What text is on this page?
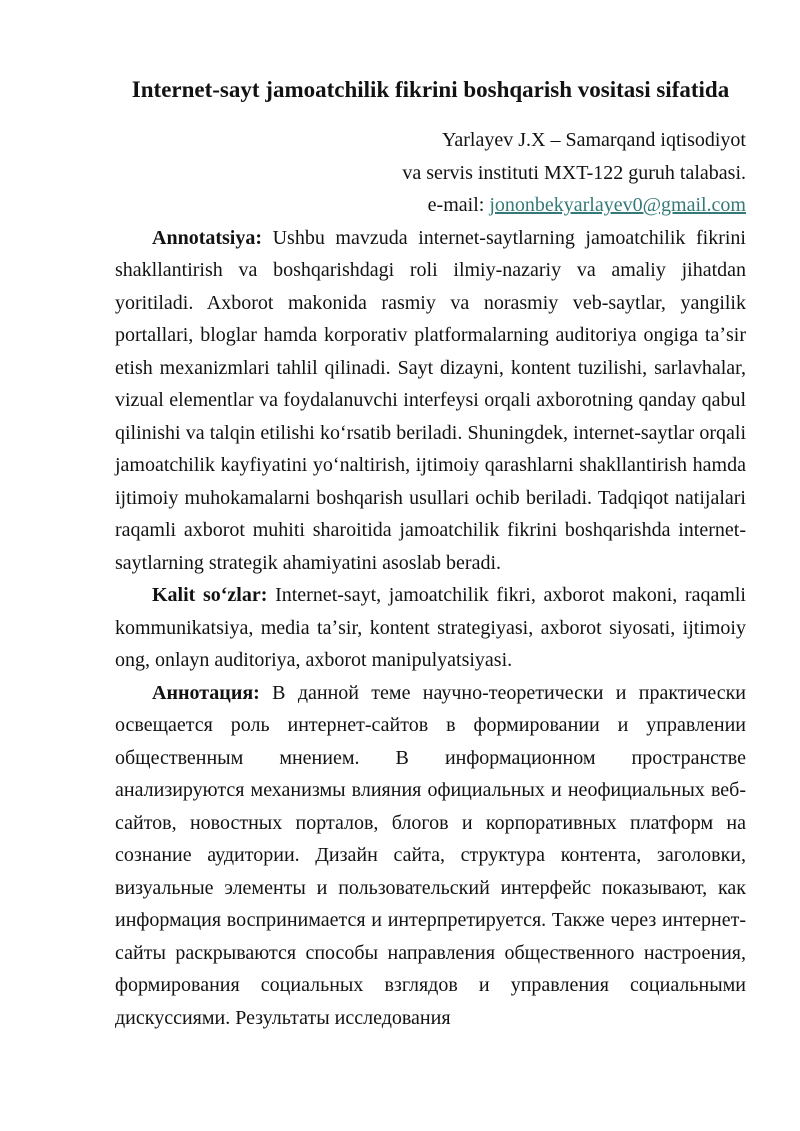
Internet-sayt jamoatchilik fikrini boshqarish vositasi sifatida
Yarlayev J.X – Samarqand iqtisodiyot
va servis instituti MXT-122 guruh talabasi.
e-mail: jononbekyarlayev0@gmail.com

Annotatsiya: Ushbu mavzuda internet-saytlarning jamoatchilik fikrini shakllantirish va boshqarishdagi roli ilmiy-nazariy va amaliy jihatdan yoritiladi. Axborot makonida rasmiy va norasmiy veb-saytlar, yangilik portallari, bloglar hamda korporativ platformalarning auditoriya ongiga taʼsir etish mexanizmlari tahlil qilinadi. Sayt dizayni, kontent tuzilishi, sarlavhalar, vizual elementlar va foydalanuvchi interfeysi orqali axborotning qanday qabul qilinishi va talqin etilishi koʻrsatib beriladi. Shuningdek, internet-saytlar orqali jamoatchilik kayfiyatini yoʻnaltirish, ijtimoiy qarashlarni shakllantirish hamda ijtimoiy muhokamalarni boshqarish usullari ochib beriladi. Tadqiqot natijalari raqamli axborot muhiti sharoitida jamoatchilik fikrini boshqarishda internet-saytlarning strategik ahamiyatini asoslab beradi.

Kalit soʻzlar: Internet-sayt, jamoatchilik fikri, axborot makoni, raqamli kommunikatsiya, media taʼsir, kontent strategiyasi, axborot siyosati, ijtimoiy ong, onlayn auditoriya, axborot manipulyatsiyasi.

Аннотация: В данной теме научно-теоретически и практически освещается роль интернет-сайтов в формировании и управлении общественным мнением. В информационном пространстве анализируются механизмы влияния официальных и неофициальных веб-сайтов, новостных порталов, блогов и корпоративных платформ на сознание аудитории. Дизайн сайта, структура контента, заголовки, визуальные элементы и пользовательский интерфейс показывают, как информация воспринимается и интерпретируется. Также через интернет-сайты раскрываются способы направления общественного настроения, формирования социальных взглядов и управления социальными дискуссиями. Результаты исследования
